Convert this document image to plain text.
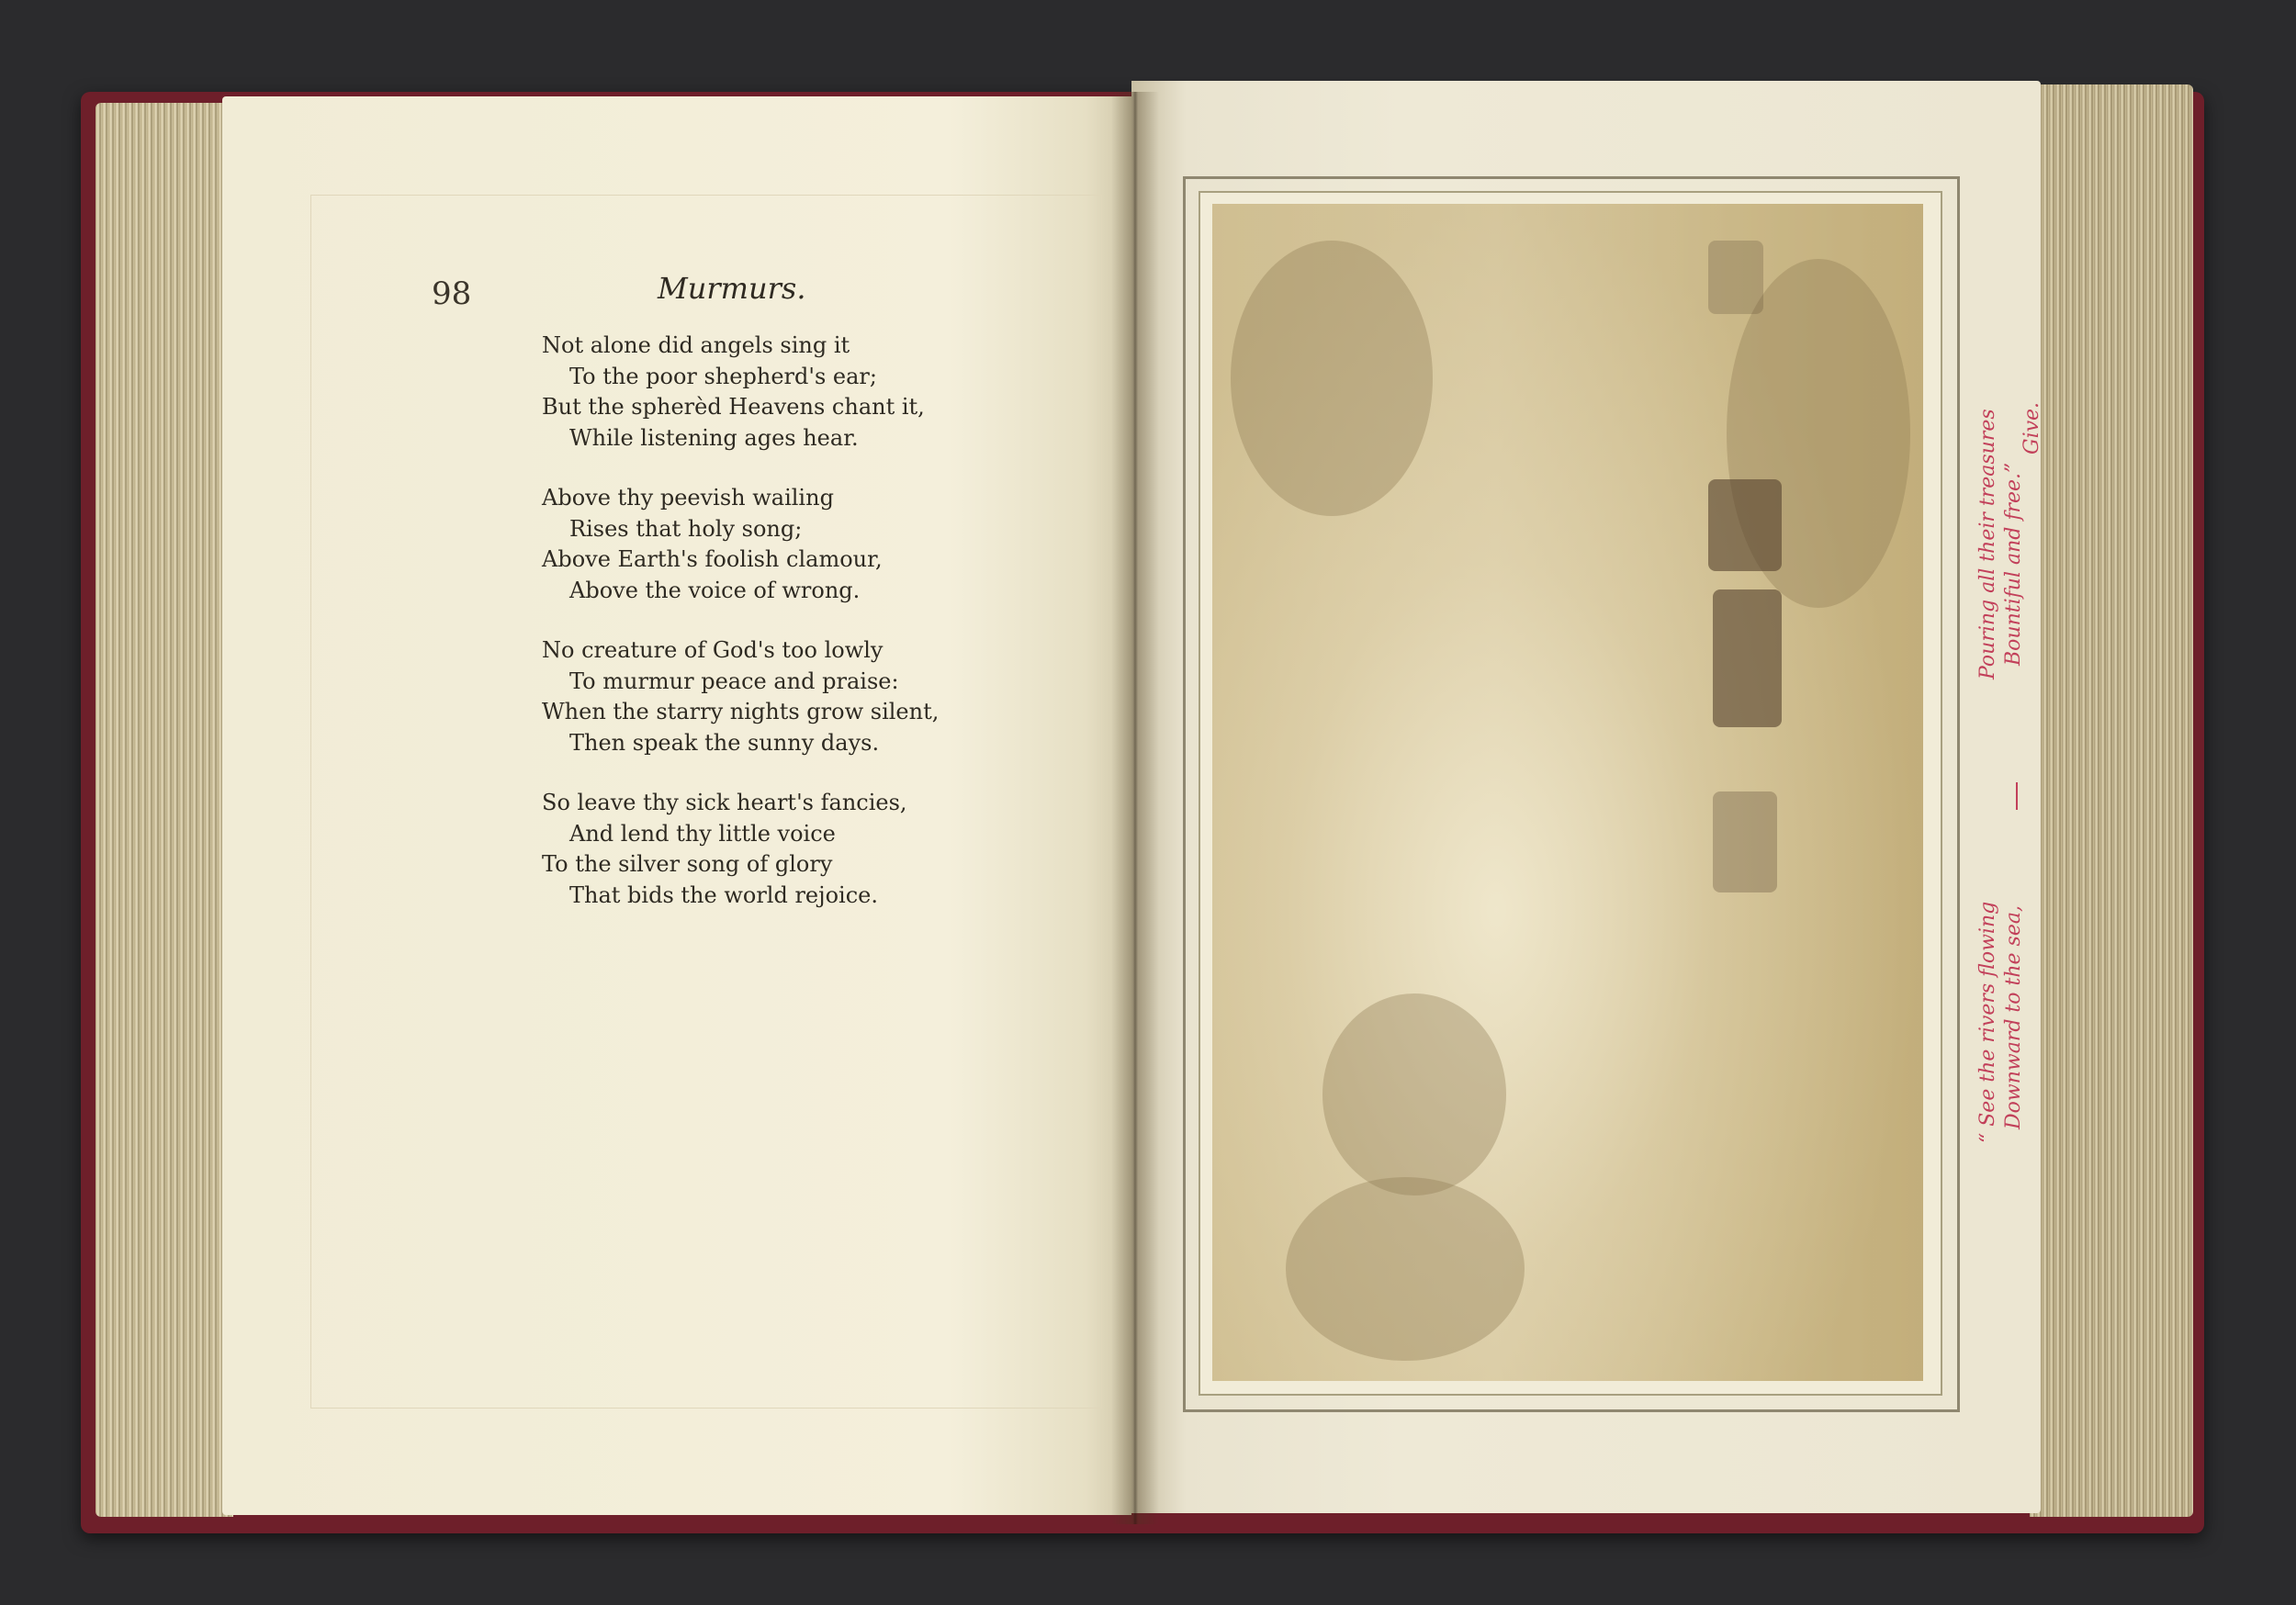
98	Murmurs.
Not alone did angels sing it
To the poor shepherd's ear;
But the spherèd Heavens chant it,
While listening ages hear.
Above thy peevish wailing
Rises that holy song;
Above Earth's foolish clamour,
Above the voice of wrong.
No creature of God's too lowly
To murmur peace and praise:
When the starry nights grow silent,
Then speak the sunny days.
So leave thy sick heart's fancies,
And lend thy little voice
To the silver song of glory
That bids the world rejoice.
“ See the rivers flowing Downward to the sea,
Pouring all their treasures Bountiful and free.”
Give.
